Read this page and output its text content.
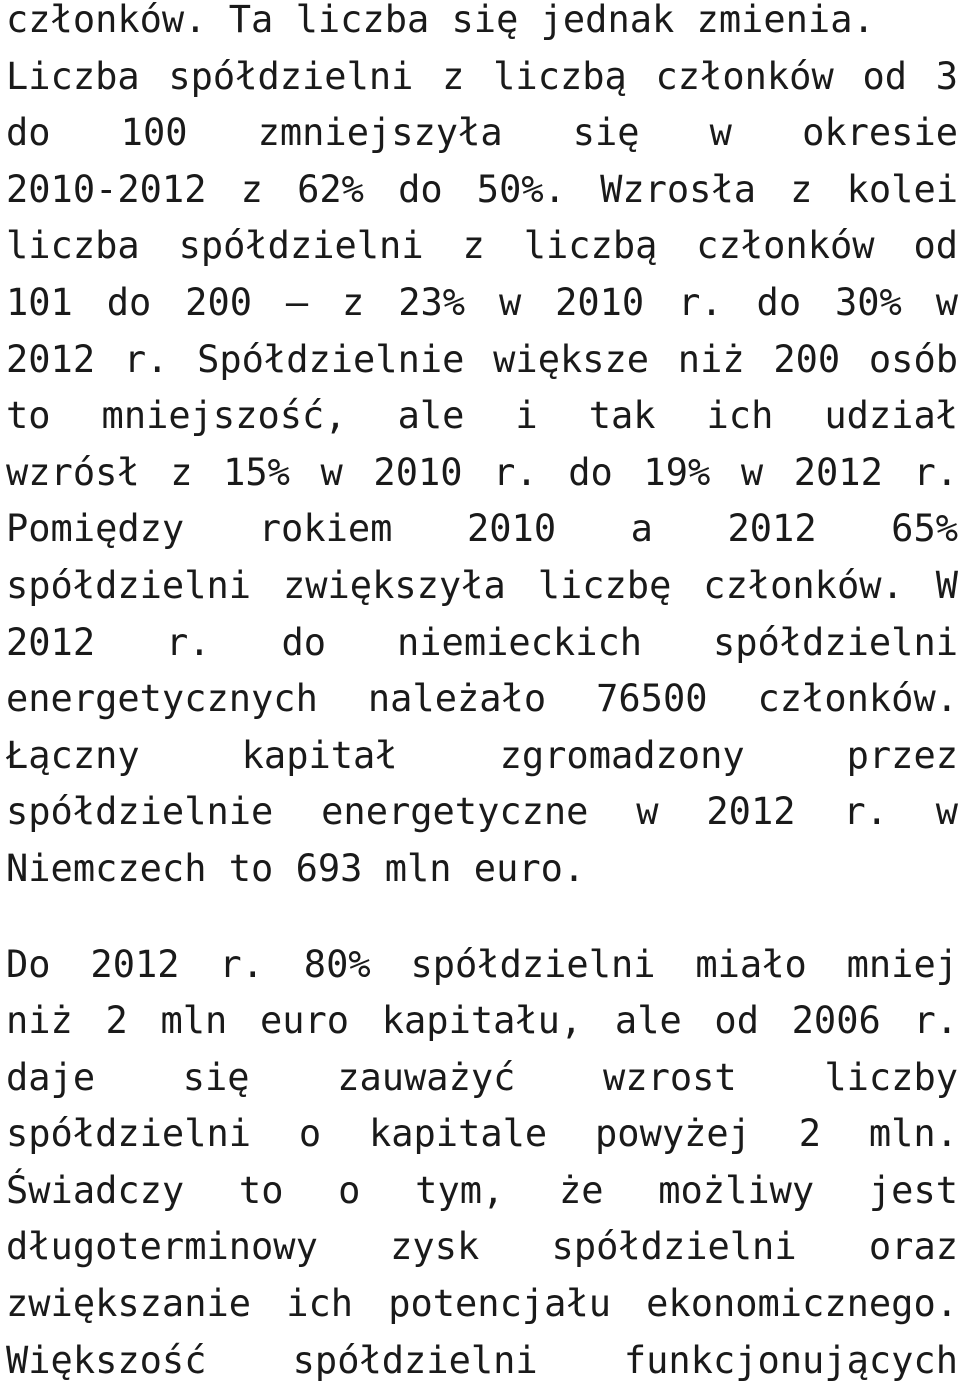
członków. Ta liczba się jednak zmienia.
Liczba spółdzielni z liczbą członków od 3
do 100 zmniejszyła się w okresie
2010-2012 z 62% do 50%. Wzrosła z kolei
liczba spółdzielni z liczbą członków od
101 do 200 – z 23% w 2010 r. do 30% w
2012 r. Spółdzielnie większe niż 200 osób
to mniejszość, ale i tak ich udział
wzrósł z 15% w 2010 r. do 19% w 2012 r.
Pomiędzy rokiem 2010 a 2012 65%
spółdzielni zwiększyła liczbę członków. W
2012 r. do niemieckich spółdzielni
energetycznych należało 76500 członków.
Łączny kapitał zgromadzony przez
spółdzielnie energetyczne w 2012 r. w
Niemczech to 693 mln euro.
Do 2012 r. 80% spółdzielni miało mniej
niż 2 mln euro kapitału, ale od 2006 r.
daje się zauważyć wzrost liczby
spółdzielni o kapitale powyżej 2 mln.
Świadczy to o tym, że możliwy jest
długoterminowy zysk spółdzielni oraz
zwiększanie ich potencjału ekonomicznego.
Większość spółdzielni funkcjonujących
